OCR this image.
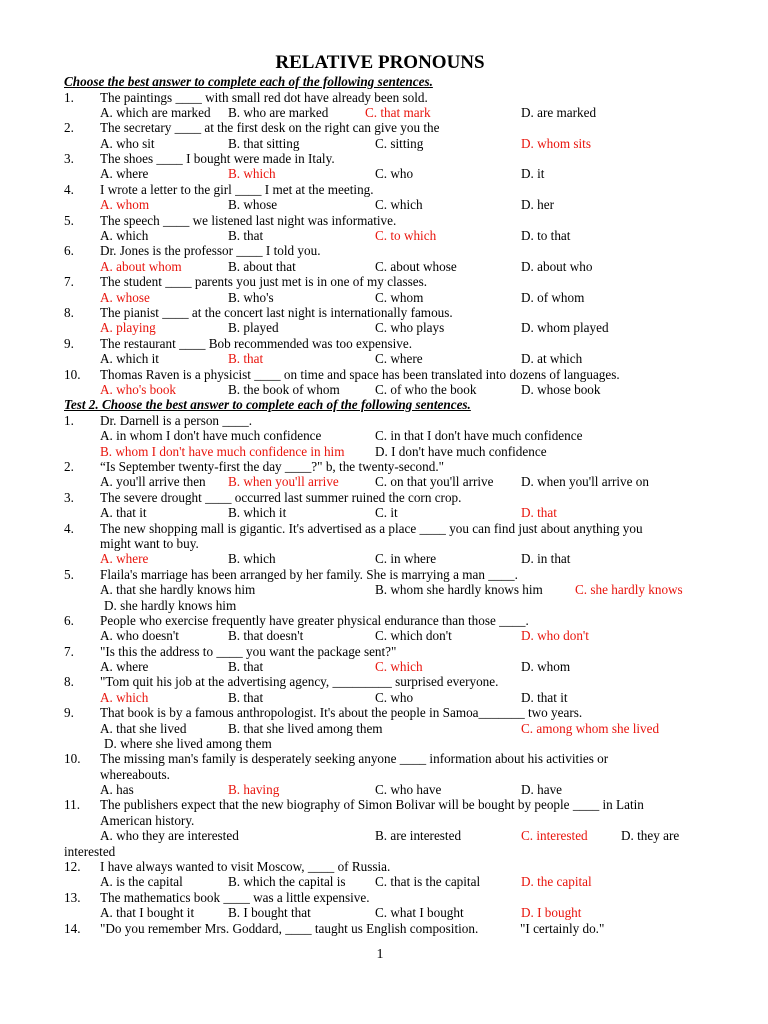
RELATIVE PRONOUNS
Choose the best answer to complete each of the following sentences.
1. The paintings ____ with small red dot have already been sold.
A. which are marked B. who are marked	C. that mark	D. are marked
2. The secretary ____ at the first desk on the right can give you the
A. who sit	B. that sitting	C. sitting	D. whom sits
3. The shoes ____ I bought were made in Italy.
A. where	B. which	C. who	D. it
4. I wrote a letter to the girl ____ I met at the meeting.
A. whom	B. whose	C. which	D. her
5. The speech ____ we listened last night was informative.
A. which	B. that	C. to which	D. to that
6. Dr. Jones is the professor ____ I told you.
A. about whom	B. about that	C. about whose	D. about who
7. The student ____ parents you just met is in one of my classes.
A. whose	B. who's	C. whom	D. of whom
8. The pianist ____ at the concert last night is internationally famous.
A. playing	B. played	C. who plays	D. whom played
9. The restaurant ____ Bob recommended was too expensive.
A. which it	B. that	C. where	D. at which
10. Thomas Raven is a physicist ____ on time and space has been translated into dozens of languages.
A. who's book	B. the book of whom	C. of who the book	D. whose book
Test 2. Choose the best answer to complete each of the following sentences.
1. Dr. Darnell is a person ____.
A. in whom I don't have much confidence	C. in that I don't have much confidence
B. whom I don't have much confidence in him D. I don't have much confidence
2. “Is September twenty-first the day ____?" b, the twenty-second."
A. you'll arrive then B. when you'll arrive	C. on that you'll arrive D. when you'll arrive on
3. The severe drought ____ occurred last summer ruined the corn crop.
A. that it	B. which it	C. it	D. that
4. The new shopping mall is gigantic. It's advertised as a place ____ you can find just about anything you
might want to buy.
A. where	B. which	C. in where	D. in that
5. Flaila's marriage has been arranged by her family. She is marrying a man ____.
A. that she hardly knows him	B. whom she hardly knows him C. she hardly knows
D. she hardly knows him
6. People who exercise frequently have greater physical endurance than those ____.
A. who doesn't	B. that doesn't	C. which don't	D. who don't
7. "Is this the address to ____ you want the package sent?"
A. where	B. that	C. which	D. whom
8. "Tom quit his job at the advertising agency, _________ surprised everyone.
A. which	B. that	C. who	D. that it
9. That book is by a famous anthropologist. It's about the people in Samoa_______ two years.
A. that she lived	B. that she lived among them	C. among whom she lived
D. where she lived among them
10. The missing man's family is desperately seeking anyone ____ information about his activities or
whereabouts.
A. has	B. having	C. who have	D. have
11. The publishers expect that the new biography of Simon Bolivar will be bought by people ____ in Latin
American history.
A. who they are interested	B. are interested	C. interested	D. they are
interested
12. I have always wanted to visit Moscow, ____ of Russia.
A. is the capital	B. which the capital is C. that is the capital	D. the capital
13. The mathematics book ____ was a little expensive.
A. that I bought it	B. I bought that	C. what I bought	D. I bought
14. "Do you remember Mrs. Goddard, ____ taught us English composition.	"I certainly do."
1
